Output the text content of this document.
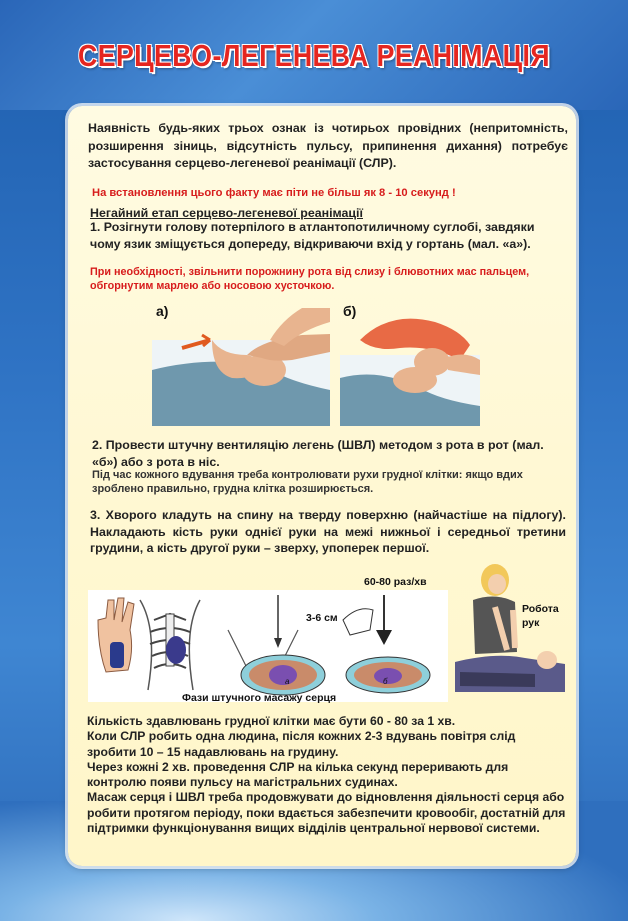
СЕРЦЕВО-ЛЕГЕНЕВА РЕАНІМАЦІЯ
Наявність будь-яких трьох ознак із чотирьох провідних (непритомність, розширення зіниць, відсутність пульсу, припинення дихання) потребує застосування серцево-легеневої реанімації (СЛР).
На встановлення цього факту має піти не більш як 8 - 10 секунд !
Негайний етап серцево-легеневої реанімації
1. Розігнути голову потерпілого в атлантопотиличному суглобі, завдяки чому язик зміщується допереду, відкриваючи вхід у гортань (мал. «а»).
При необхідності, звільнити порожнину рота від слизу і блювотних мас пальцем, обгорнутим марлею або носовою хусточкою.
а)	б)
2. Провести штучну вентиляцію легень (ШВЛ) методом з рота в рот (мал. «б») або з рота в ніс.
Під час кожного вдування треба контролювати рухи грудної клітки: якщо вдих зроблено правильно, грудна клітка розширюється.
3. Хворого кладуть на спину на тверду поверхню (найчастіше на підлогу). Накладають кість руки однієї руки на межі нижньої і середньої третини грудини, а кість другої руки – зверху, упоперек першої.
60-80 раз/хв
3-6 см
а	б
Фази штучного масажу серця
Робота рук
Кількість здавлювань грудної клітки має бути 60 - 80 за 1 хв.
Коли СЛР робить одна людина, після кожних 2-3 вдувань повітря слід зробити 10 – 15 надавлювань на грудину.
Через кожні 2 хв. проведення СЛР на кілька секунд переривають для контролю появи пульсу на магістральних судинах.
Масаж серця і ШВЛ треба продовжувати до відновлення діяльності серця або робити протягом періоду, поки вдається забезпечити кровообіг, достатній для підтримки функціонування вищих відділів центральної нервової системи.
